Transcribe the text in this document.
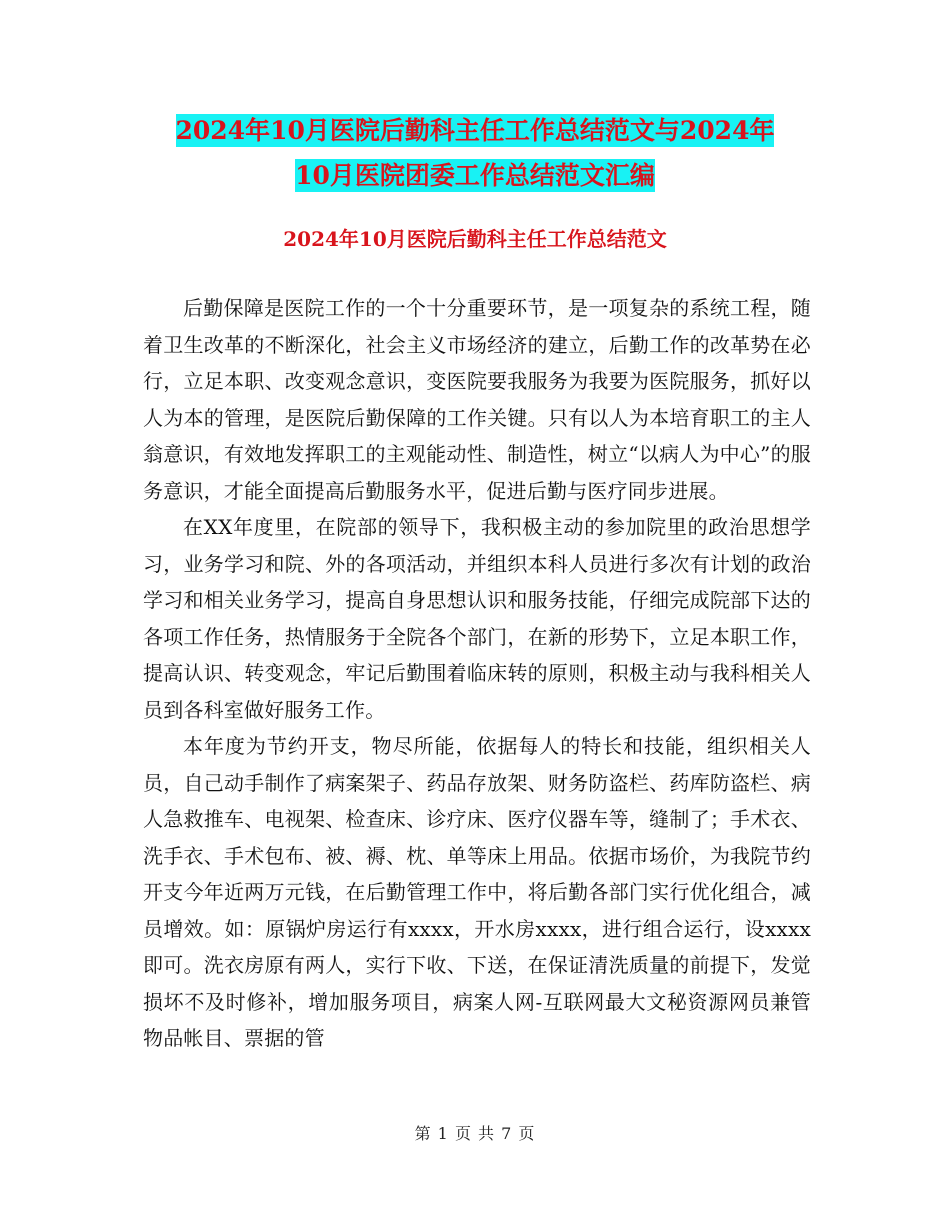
2024年10月医院后勤科主任工作总结范文与2024年
10月医院团委工作总结范文汇编
2024年10月医院后勤科主任工作总结范文

后勤保障是医院工作的一个十分重要环节，是一项复杂的系统工程，随着卫生改革的不断深化，社会主义市场经济的建立，后勤工作的改革势在必行，立足本职、改变观念意识，变医院要我服务为我要为医院服务，抓好以人为本的管理，是医院后勤保障的工作关键。只有以人为本培育职工的主人翁意识，有效地发挥职工的主观能动性、制造性，树立“以病人为中心”的服务意识，才能全面提高后勤服务水平，促进后勤与医疗同步进展。

在XX年度里，在院部的领导下，我积极主动的参加院里的政治思想学习，业务学习和院、外的各项活动，并组织本科人员进行多次有计划的政治学习和相关业务学习，提高自身思想认识和服务技能，仔细完成院部下达的各项工作任务，热情服务于全院各个部门，在新的形势下，立足本职工作，提高认识、转变观念，牢记后勤围着临床转的原则，积极主动与我科相关人员到各科室做好服务工作。

本年度为节约开支，物尽所能，依据每人的特长和技能，组织相关人员，自己动手制作了病案架子、药品存放架、财务防盗栏、药库防盗栏、病人急救推车、电视架、检查床、诊疗床、医疗仪器车等，缝制了；手术衣、洗手衣、手术包布、被、褥、枕、单等床上用品。依据市场价，为我院节约开支今年近两万元钱，在后勤管理工作中，将后勤各部门实行优化组合，减员增效。如：原锅炉房运行有xxxx，开水房xxxx，进行组合运行，设xxxx即可。洗衣房原有两人，实行下收、下送，在保证清洗质量的前提下，发觉损坏不及时修补，增加服务项目，病案人网-互联网最大文秘资源网员兼管物品帐目、票据的管

第 1 页 共 7 页
